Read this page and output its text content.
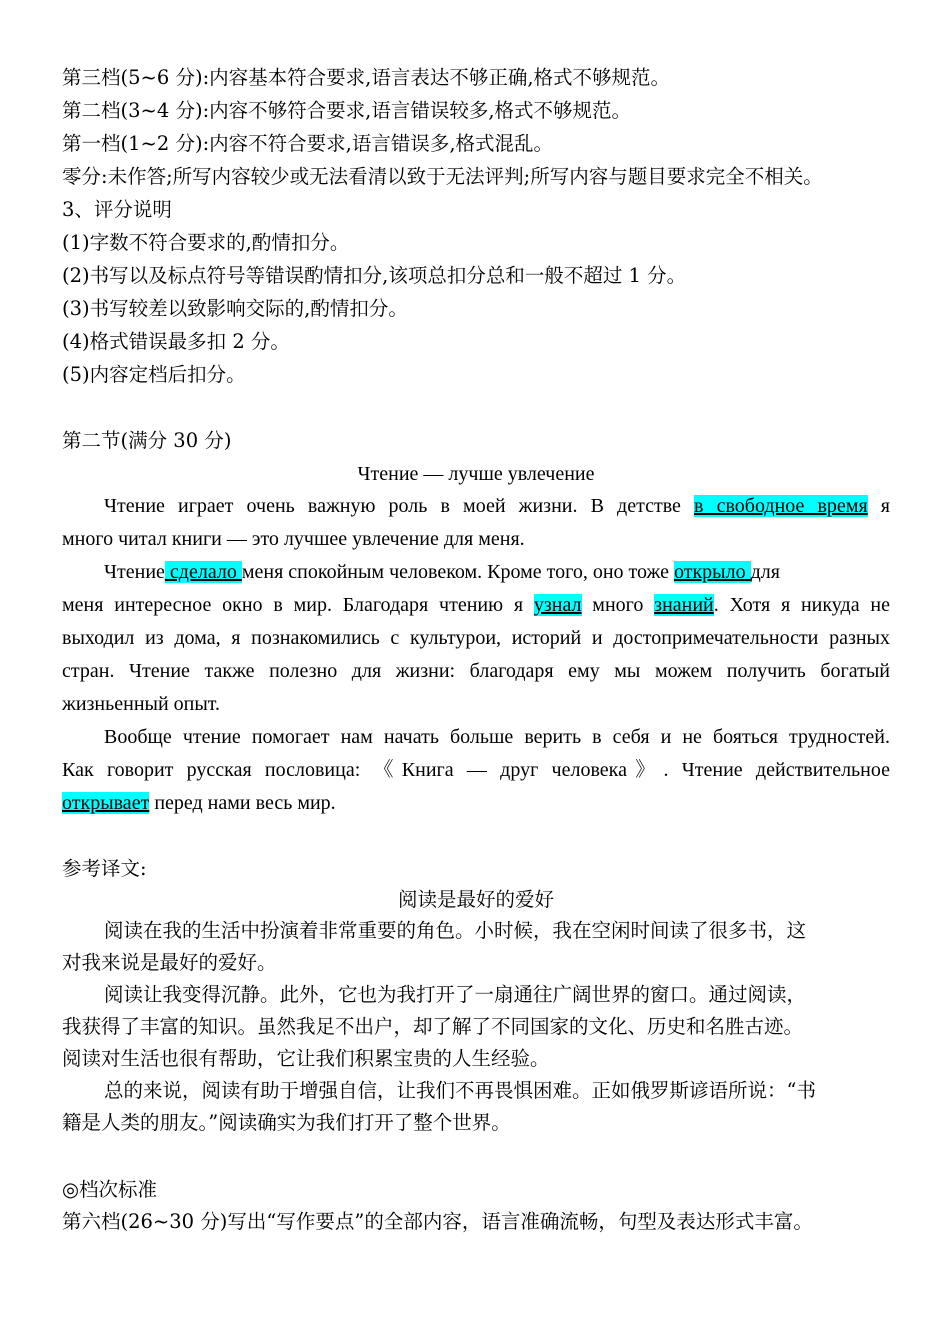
第三档(5~6 分):内容基本符合要求,语言表达不够正确,格式不够规范。
第二档(3~4 分):内容不够符合要求,语言错误较多,格式不够规范。
第一档(1~2 分):内容不符合要求,语言错误多,格式混乱。
零分:未作答;所写内容较少或无法看清以致于无法评判;所写内容与题目要求完全不相关。
3、评分说明
(1)字数不符合要求的,酌情扣分。
(2)书写以及标点符号等错误酌情扣分,该项总扣分总和一般不超过 1 分。
(3)书写较差以致影响交际的,酌情扣分。
(4)格式错误最多扣 2 分。
(5)内容定档后扣分。
第二节(满分 30 分)
Чтение — лучше увлечение
Чтение играет очень важную роль в моей жизни. В детстве в свободное время я
много читал книги — это лучшее увлечение для меня.
Чтение сделало меня спокойным человеком. Кроме того, оно тоже открыло для
меня интересное окно в мир. Благодаря чтению я узнал много знаний. Хотя я никуда не
выходил из дома, я познакомились с культурои, историй и достопримечательности разных
стран. Чтение также полезно для жизни: благодаря ему мы можем получить богатый
жизньенный опыт.
Вообще чтение помогает нам начать больше верить в себя и не бояться трудностей.
Как говорит русская пословица: 《Книга — друг человека》. Чтение действительное
открывает перед нами весь мир.
参考译文:
阅读是最好的爱好
阅读在我的生活中扮演着非常重要的角色。小时候，我在空闲时间读了很多书，这
对我来说是最好的爱好。
阅读让我变得沉静。此外，它也为我打开了一扇通往广阔世界的窗口。通过阅读，
我获得了丰富的知识。虽然我足不出户，却了解了不同国家的文化、历史和名胜古迹。
阅读对生活也很有帮助，它让我们积累宝贵的人生经验。
总的来说，阅读有助于增强自信，让我们不再畏惧困难。正如俄罗斯谚语所说：“书
籍是人类的朋友。”阅读确实为我们打开了整个世界。
◎档次标准
第六档(26~30 分)写出“写作要点”的全部内容，语言准确流畅，句型及表达形式丰富。
